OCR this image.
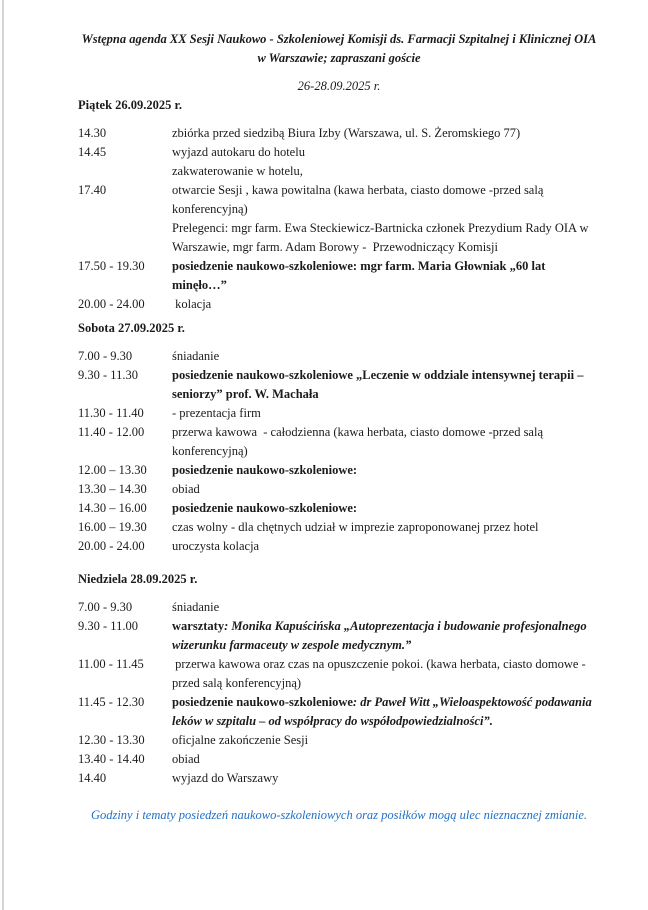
Wstępna agenda XX Sesji Naukowo - Szkoleniowej Komisji ds. Farmacji Szpitalnej i Klinicznej OIA w Warszawie; zapraszani goście
26-28.09.2025 r.
Piątek 26.09.2025 r.
14.30	zbiórka przed siedzibą Biura Izby (Warszawa, ul. S. Żeromskiego 77)
14.45	wyjazd autokaru do hotelu
zakwaterowanie w hotelu,
17.40	otwarcie Sesji , kawa powitalna (kawa herbata, ciasto domowe -przed salą konferencyjną)
Prelegenci: mgr farm. Ewa Steckiewicz-Bartnicka członek Prezydium Rady OIA w Warszawie, mgr farm. Adam Borowy -  Przewodniczący Komisji
17.50 - 19.30	posiedzenie naukowo-szkoleniowe: mgr farm. Maria Głowniak „60 lat minęło…”
20.00 - 24.00	kolacja
Sobota 27.09.2025 r.
7.00 - 9.30	śniadanie
9.30 - 11.30	posiedzenie naukowo-szkoleniowe „Leczenie w oddziale intensywnej terapii – seniorzy” prof. W. Machała
11.30 - 11.40	- prezentacja firm
11.40 - 12.00	przerwa kawowa  - całodzienna (kawa herbata, ciasto domowe -przed salą konferencyjną)
12.00 – 13.30	posiedzenie naukowo-szkoleniowe:
13.30 – 14.30	obiad
14.30 – 16.00	posiedzenie naukowo-szkoleniowe:
16.00 – 19.30	czas wolny - dla chętnych udział w imprezie zaproponowanej przez hotel
20.00 - 24.00	uroczysta kolacja
Niedziela 28.09.2025 r.
7.00 - 9.30	śniadanie
9.30 - 11.00	warsztaty: Monika Kapuścińska „Autoprezentacja i budowanie profesjonalnego wizerunku farmaceuty w zespole medycznym.”
11.00 - 11.45	przerwa kawowa oraz czas na opuszczenie pokoi. (kawa herbata, ciasto domowe -przed salą konferencyjną)
11.45 - 12.30	posiedzenie naukowo-szkoleniowe: dr Paweł Witt „Wieloaspektowość podawania leków w szpitalu – od współpracy do współodpowiedzialności”.
12.30 - 13.30	oficjalne zakończenie Sesji
13.40 - 14.40	obiad
14.40	wyjazd do Warszawy
Godziny i tematy posiedzeń naukowo-szkoleniowych oraz posiłków mogą ulec nieznacznej zmianie.
